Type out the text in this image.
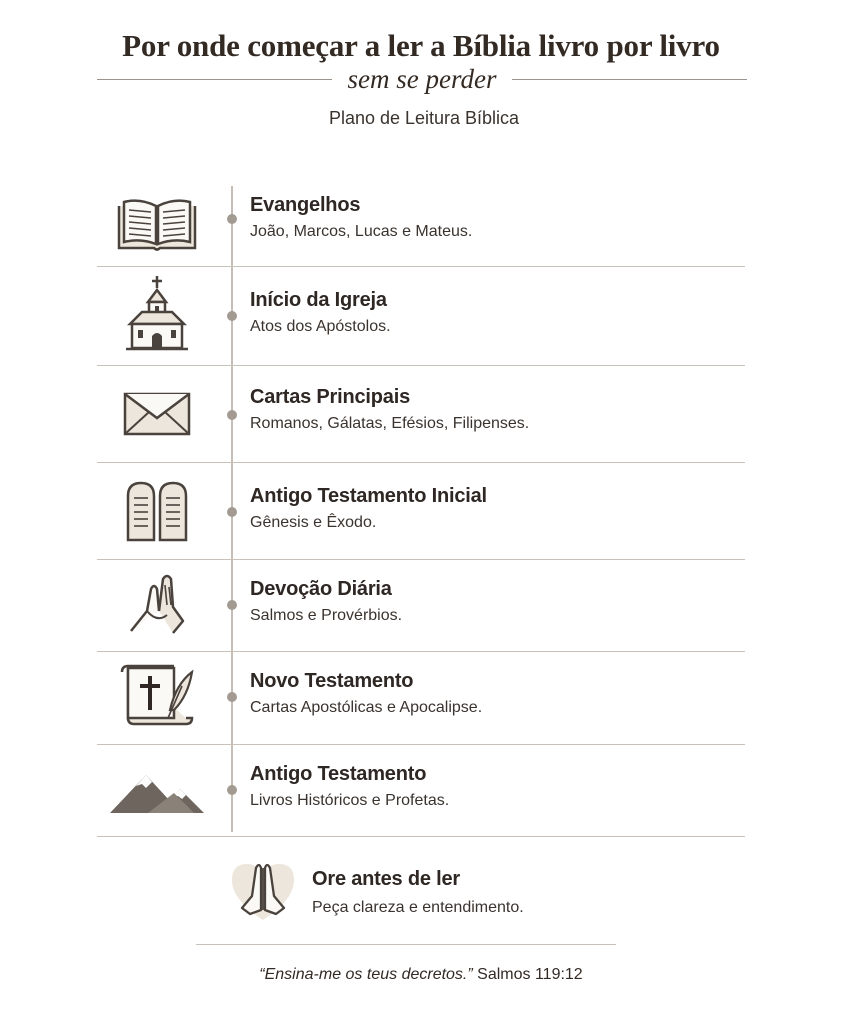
Por onde começar a ler a Bíblia livro por livro
sem se perder
Plano de Leitura Bíblica
Evangelhos

João, Marcos, Lucas e Mateus.

Início da Igreja

Atos dos Apóstolos.

Cartas Principais

Romanos, Gálatas, Efésios, Filipenses.

Antigo Testamento Inicial

Gênesis e Êxodo.

Devoção Diária

Salmos e Provérbios.

Novo Testamento

Cartas Apostólicas e Apocalipse.

Antigo Testamento

Livros Históricos e Profetas.

Ore antes de ler

Peça clareza e entendimento.

“Ensina-me os teus decretos.” Salmos 119:12
